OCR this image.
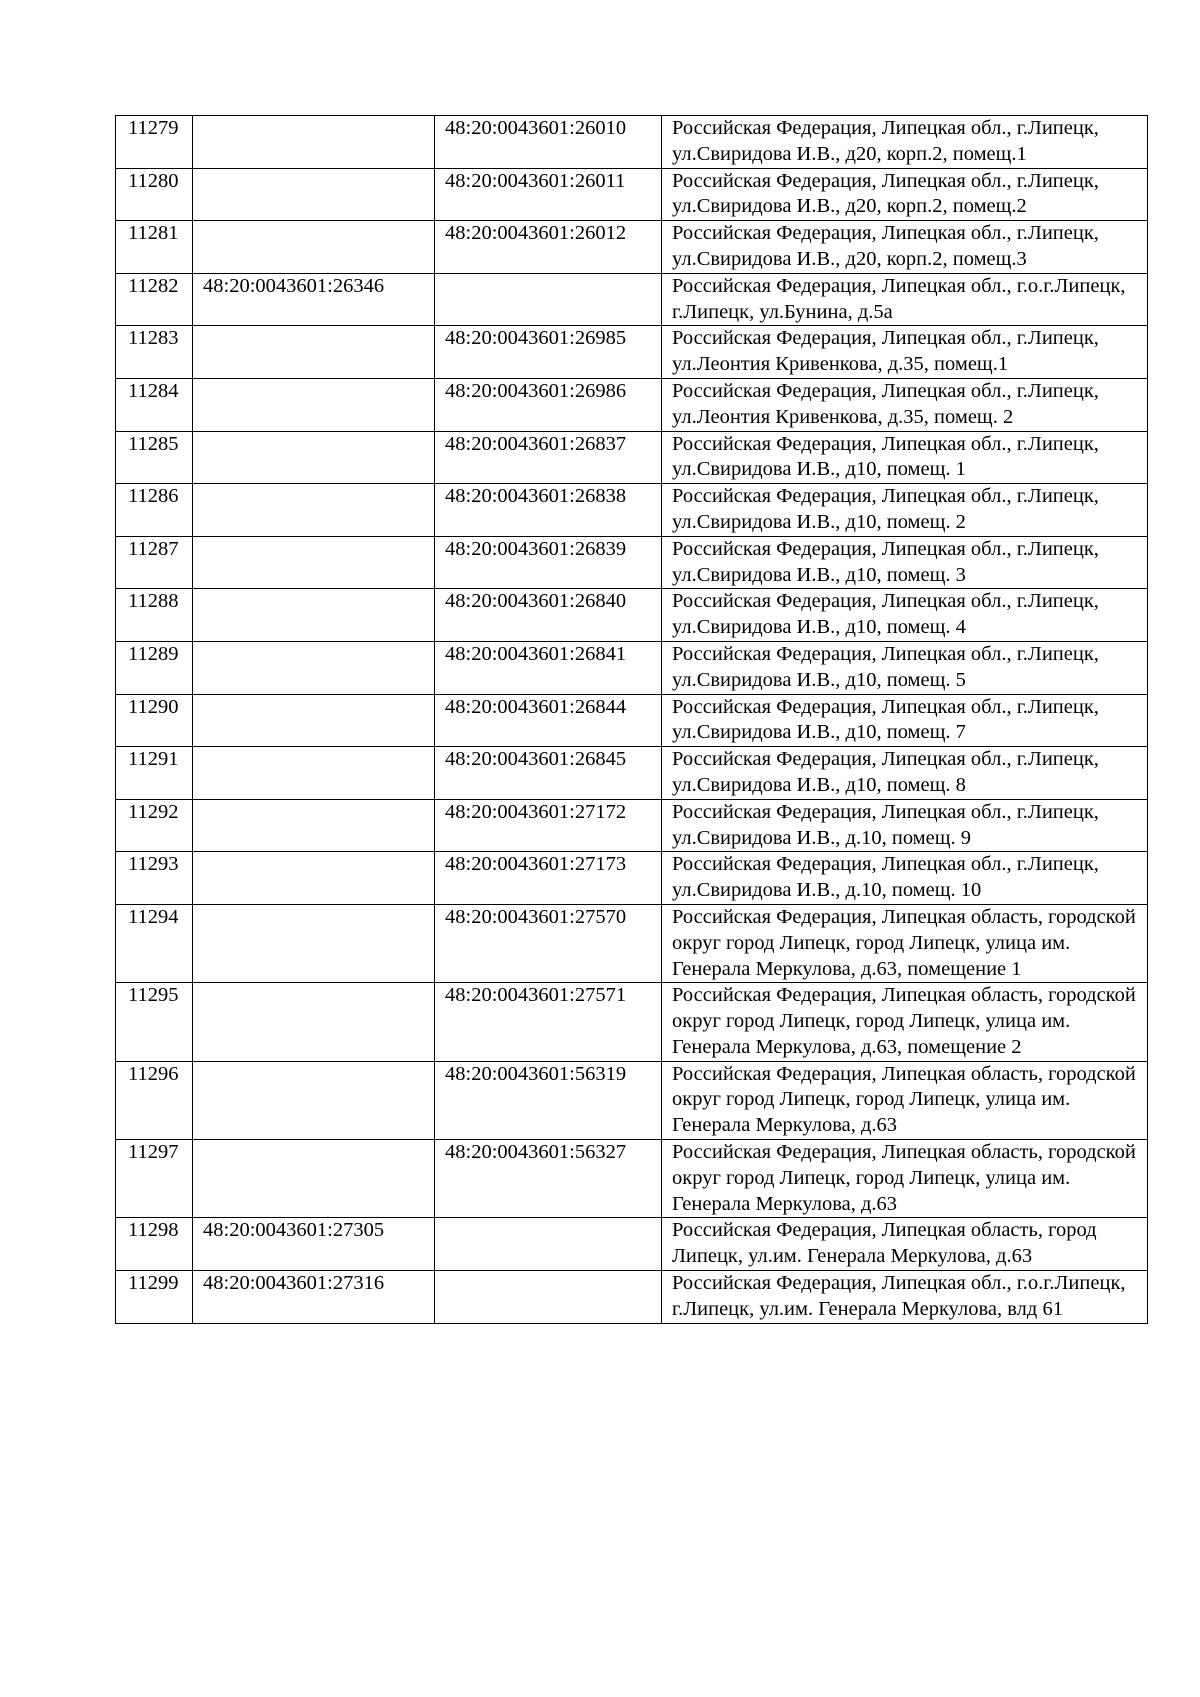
11279		48:20:0043601:26010	Российская Федерация, Липецкая обл., г.Липецк, ул.Свиридова И.В., д20, корп.2, помещ.1
11280		48:20:0043601:26011	Российская Федерация, Липецкая обл., г.Липецк, ул.Свиридова И.В., д20, корп.2, помещ.2
11281		48:20:0043601:26012	Российская Федерация, Липецкая обл., г.Липецк, ул.Свиридова И.В., д20, корп.2, помещ.3
11282	48:20:0043601:26346		Российская Федерация, Липецкая обл., г.о.г.Липецк, г.Липецк, ул.Бунина, д.5а
11283		48:20:0043601:26985	Российская Федерация, Липецкая обл., г.Липецк, ул.Леонтия Кривенкова, д.35, помещ.1
11284		48:20:0043601:26986	Российская Федерация, Липецкая обл., г.Липецк, ул.Леонтия Кривенкова, д.35, помещ. 2
11285		48:20:0043601:26837	Российская Федерация, Липецкая обл., г.Липецк, ул.Свиридова И.В., д10, помещ. 1
11286		48:20:0043601:26838	Российская Федерация, Липецкая обл., г.Липецк, ул.Свиридова И.В., д10, помещ. 2
11287		48:20:0043601:26839	Российская Федерация, Липецкая обл., г.Липецк, ул.Свиридова И.В., д10, помещ. 3
11288		48:20:0043601:26840	Российская Федерация, Липецкая обл., г.Липецк, ул.Свиридова И.В., д10, помещ. 4
11289		48:20:0043601:26841	Российская Федерация, Липецкая обл., г.Липецк, ул.Свиридова И.В., д10, помещ. 5
11290		48:20:0043601:26844	Российская Федерация, Липецкая обл., г.Липецк, ул.Свиридова И.В., д10, помещ. 7
11291		48:20:0043601:26845	Российская Федерация, Липецкая обл., г.Липецк, ул.Свиридова И.В., д10, помещ. 8
11292		48:20:0043601:27172	Российская Федерация, Липецкая обл., г.Липецк, ул.Свиридова И.В., д.10, помещ. 9
11293		48:20:0043601:27173	Российская Федерация, Липецкая обл., г.Липецк, ул.Свиридова И.В., д.10, помещ. 10
11294		48:20:0043601:27570	Российская Федерация, Липецкая область, городской округ город Липецк, город Липецк, улица им. Генерала Меркулова, д.63, помещение 1
11295		48:20:0043601:27571	Российская Федерация, Липецкая область, городской округ город Липецк, город Липецк, улица им. Генерала Меркулова, д.63, помещение 2
11296		48:20:0043601:56319	Российская Федерация, Липецкая область, городской округ город Липецк, город Липецк, улица им. Генерала Меркулова, д.63
11297		48:20:0043601:56327	Российская Федерация, Липецкая область, городской округ город Липецк, город Липецк, улица им. Генерала Меркулова, д.63
11298	48:20:0043601:27305		Российская Федерация, Липецкая область, город Липецк, ул.им. Генерала Меркулова, д.63
11299	48:20:0043601:27316		Российская Федерация, Липецкая обл., г.о.г.Липецк, г.Липецк, ул.им. Генерала Меркулова, влд 61
